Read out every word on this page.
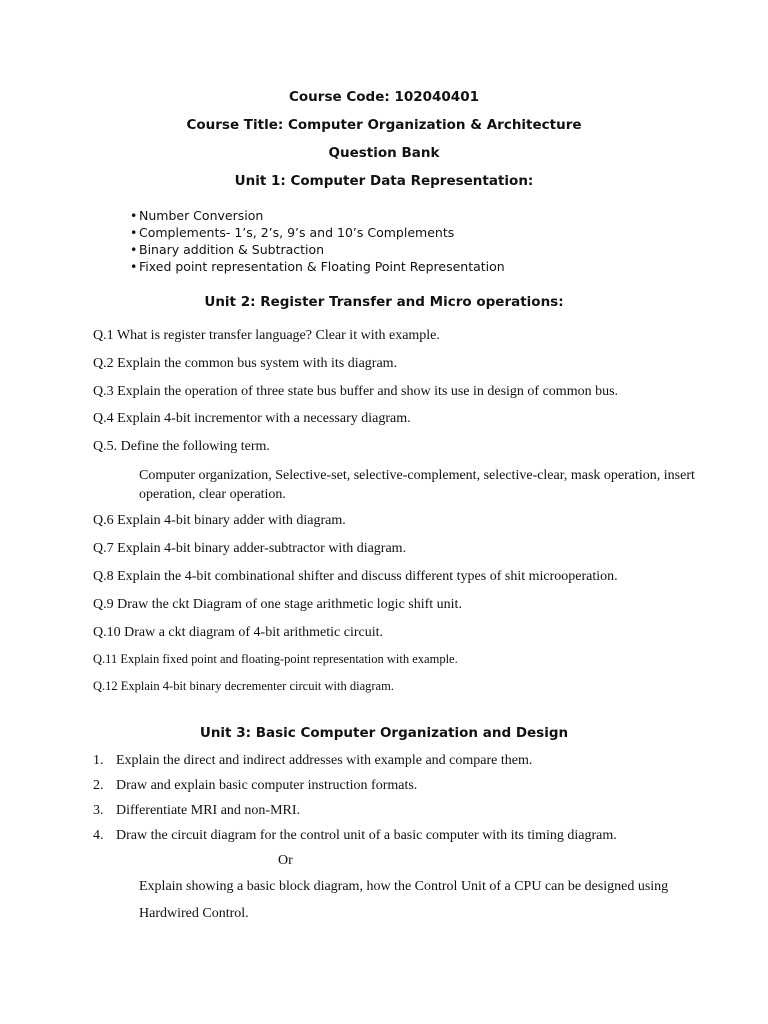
Course Code: 102040401
Course Title: Computer Organization & Architecture
Question Bank
Unit 1: Computer Data Representation:
• Number Conversion
• Complements- 1’s, 2’s, 9’s and 10’s Complements
• Binary addition & Subtraction
• Fixed point representation & Floating Point Representation
Unit 2: Register Transfer and Micro operations:
Q.1 What is register transfer language? Clear it with example.
Q.2 Explain the common bus system with its diagram.
Q.3 Explain the operation of three state bus buffer and show its use in design of common bus.
Q.4 Explain 4-bit incrementor with a necessary diagram.
Q.5. Define the following term.
Computer organization, Selective-set, selective-complement, selective-clear, mask operation, insert operation, clear operation.
Q.6 Explain 4-bit binary adder with diagram.
Q.7 Explain 4-bit binary adder-subtractor with diagram.
Q.8 Explain the 4-bit combinational shifter and discuss different types of shit microoperation.
Q.9 Draw the ckt Diagram of one stage arithmetic logic shift unit.
Q.10 Draw a ckt diagram of 4-bit arithmetic circuit.
Q.11 Explain fixed point and floating-point representation with example.
Q.12 Explain 4-bit binary decrementer circuit with diagram.
Unit 3: Basic Computer Organization and Design
1. Explain the direct and indirect addresses with example and compare them.
2. Draw and explain basic computer instruction formats.
3. Differentiate MRI and non-MRI.
4. Draw the circuit diagram for the control unit of a basic computer with its timing diagram.
Or
Explain showing a basic block diagram, how the Control Unit of a CPU can be designed using Hardwired Control.
